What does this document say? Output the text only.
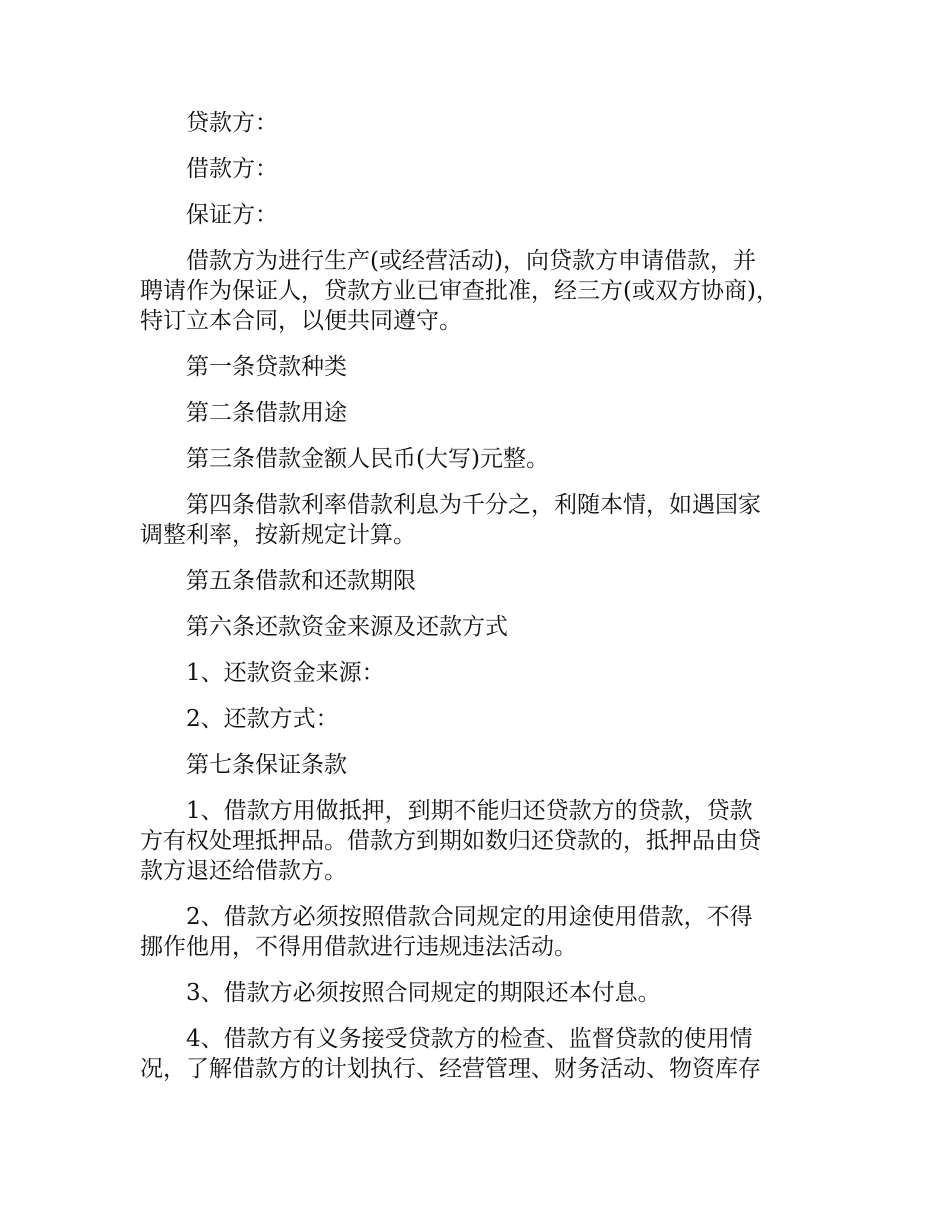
贷款方：

借款方：

保证方：

借款方为进行生产(或经营活动)，向贷款方申请借款，并
聘请作为保证人，贷款方业已审查批准，经三方(或双方协商)，
特订立本合同，以便共同遵守。

第一条贷款种类

第二条借款用途

第三条借款金额人民币(大写)元整。

第四条借款利率借款利息为千分之，利随本情，如遇国家
调整利率，按新规定计算。

第五条借款和还款期限

第六条还款资金来源及还款方式

1、还款资金来源：

2、还款方式：

第七条保证条款

1、借款方用做抵押，到期不能归还贷款方的贷款，贷款
方有权处理抵押品。借款方到期如数归还贷款的，抵押品由贷
款方退还给借款方。

2、借款方必须按照借款合同规定的用途使用借款，不得
挪作他用，不得用借款进行违规违法活动。

3、借款方必须按照合同规定的期限还本付息。

4、借款方有义务接受贷款方的检查、监督贷款的使用情
况，了解借款方的计划执行、经营管理、财务活动、物资库存
